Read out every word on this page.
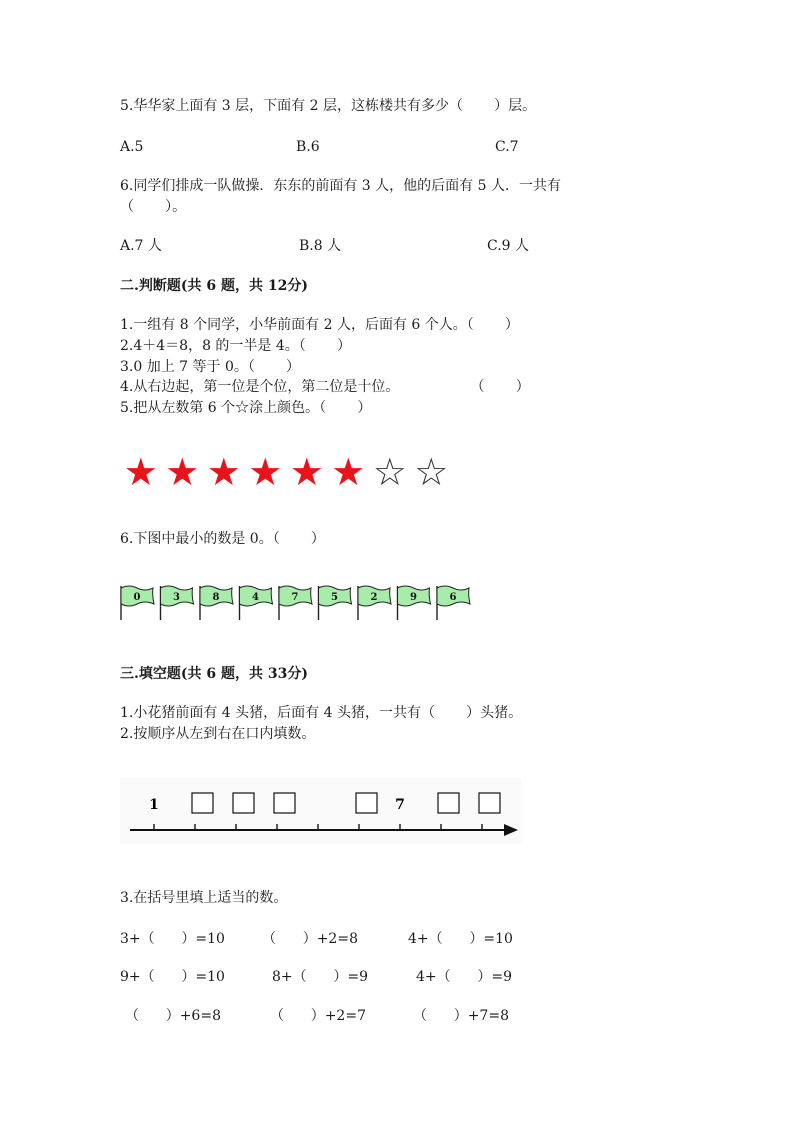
5.华华家上面有 3 层，下面有 2 层，这栋楼共有多少（       ）层。
A.5	B.6	C.7
6.同学们排成一队做操．东东的前面有 3 人，他的后面有 5 人．一共有
（       ）。
A.7 人	B.8 人	C.9 人
二.判断题(共 6 题，共 12分)
1.一组有 8 个同学，小华前面有 2 人，后面有 6 个人。（       ）
2.4＋4＝8，8 的一半是 4。（       ）
3.0 加上 7 等于 0。（       ）
4.从右边起，第一位是个位，第二位是十位。                （       ）
5.把从左数第 6 个☆涂上颜色。（       ）
★ ★ ★ ★ ★ ★ ☆ ☆
6.下图中最小的数是 0。（       ）
0	3	8	4	7	5	2	9	6
三.填空题(共 6 题，共 33分)
1.小花猪前面有 4 头猪，后面有 4 头猪，一共有（       ）头猪。
2.按顺序从左到右在口内填数。
1	7
3.在括号里填上适当的数。
3+（      ）=10	（      ）+2=8	4+（      ）=10
9+（      ）=10	8+（      ）=9	4+（      ）=9
（      ）+6=8	（      ）+2=7	（      ）+7=8
